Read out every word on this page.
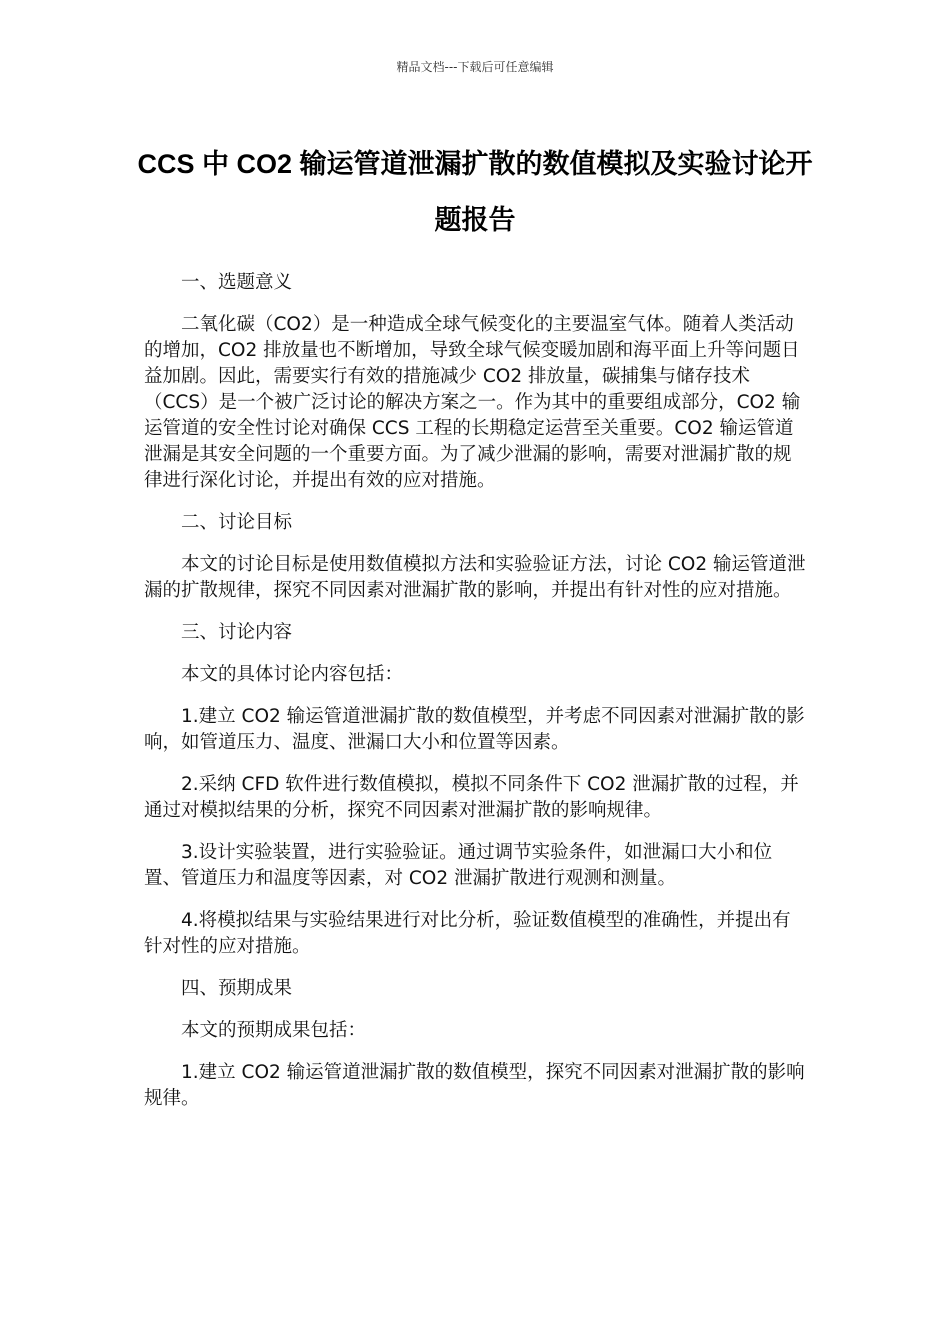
精品文档---下载后可任意编辑
CCS 中 CO2 输运管道泄漏扩散的数值模拟及实验讨论开题报告

一、选题意义

二氧化碳（CO2）是一种造成全球气候变化的主要温室气体。随着人类活动的增加，CO2 排放量也不断增加，导致全球气候变暖加剧和海平面上升等问题日益加剧。因此，需要实行有效的措施减少 CO2 排放量，碳捕集与储存技术（CCS）是一个被广泛讨论的解决方案之一。作为其中的重要组成部分，CO2 输运管道的安全性讨论对确保 CCS 工程的长期稳定运营至关重要。CO2 输运管道泄漏是其安全问题的一个重要方面。为了减少泄漏的影响，需要对泄漏扩散的规律进行深化讨论，并提出有效的应对措施。

二、讨论目标

本文的讨论目标是使用数值模拟方法和实验验证方法，讨论 CO2 输运管道泄漏的扩散规律，探究不同因素对泄漏扩散的影响，并提出有针对性的应对措施。

三、讨论内容

本文的具体讨论内容包括：

1.建立 CO2 输运管道泄漏扩散的数值模型，并考虑不同因素对泄漏扩散的影响，如管道压力、温度、泄漏口大小和位置等因素。

2.采纳 CFD 软件进行数值模拟，模拟不同条件下 CO2 泄漏扩散的过程，并通过对模拟结果的分析，探究不同因素对泄漏扩散的影响规律。

3.设计实验装置，进行实验验证。通过调节实验条件，如泄漏口大小和位置、管道压力和温度等因素，对 CO2 泄漏扩散进行观测和测量。

4.将模拟结果与实验结果进行对比分析，验证数值模型的准确性，并提出有针对性的应对措施。

四、预期成果

本文的预期成果包括：

1.建立 CO2 输运管道泄漏扩散的数值模型，探究不同因素对泄漏扩散的影响规律。
